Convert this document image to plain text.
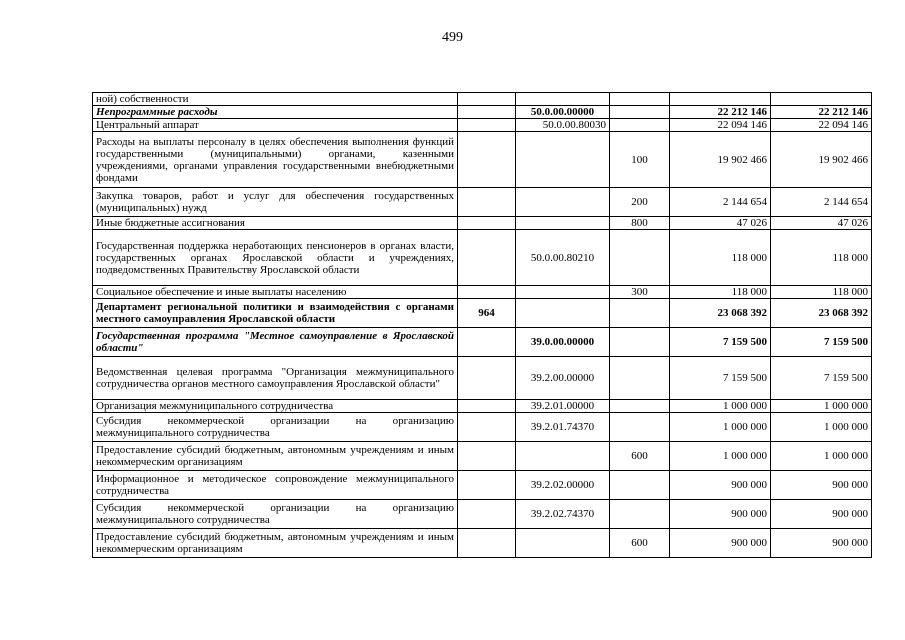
499
ной) собственности					
Непрограммные расходы		50.0.00.00000		22 212 146	22 212 146
Центральный аппарат		50.0.00.80030		22 094 146	22 094 146
Расходы на выплаты персоналу в целях обеспечения выполнения функций государственными (муниципальными) органами, казенными учреждениями, органами управления государственными внебюджетными фондами			100	19 902 466	19 902 466
Закупка товаров, работ и услуг для обеспечения государственных (муниципальных) нужд			200	2 144 654	2 144 654
Иные бюджетные ассигнования			800	47 026	47 026
Государственная поддержка неработающих пенсионеров в органах власти, государственных органах Ярославской области и учреждениях, подведомственных Правительству Ярославской области		50.0.00.80210		118 000	118 000
Социальное обеспечение и иные выплаты населению			300	118 000	118 000
Департамент региональной политики и взаимодействия с органами местного самоуправления Ярославской области	964			23 068 392	23 068 392
Государственная программа "Местное самоуправление в Ярославской области"		39.0.00.00000		7 159 500	7 159 500
Ведомственная целевая программа "Организация межмуниципального сотрудничества органов местного самоуправления Ярославской области"		39.2.00.00000		7 159 500	7 159 500
Организация межмуниципального сотрудничества		39.2.01.00000		1 000 000	1 000 000
Субсидия некоммерческой организации на организацию межмуниципального сотрудничества		39.2.01.74370		1 000 000	1 000 000
Предоставление субсидий бюджетным, автономным учреждениям и иным некоммерческим организациям			600	1 000 000	1 000 000
Информационное и методическое сопровождение межмуниципального сотрудничества		39.2.02.00000		900 000	900 000
Субсидия некоммерческой организации на организацию межмуниципального сотрудничества		39.2.02.74370		900 000	900 000
Предоставление субсидий бюджетным, автономным учреждениям и иным некоммерческим организациям			600	900 000	900 000
